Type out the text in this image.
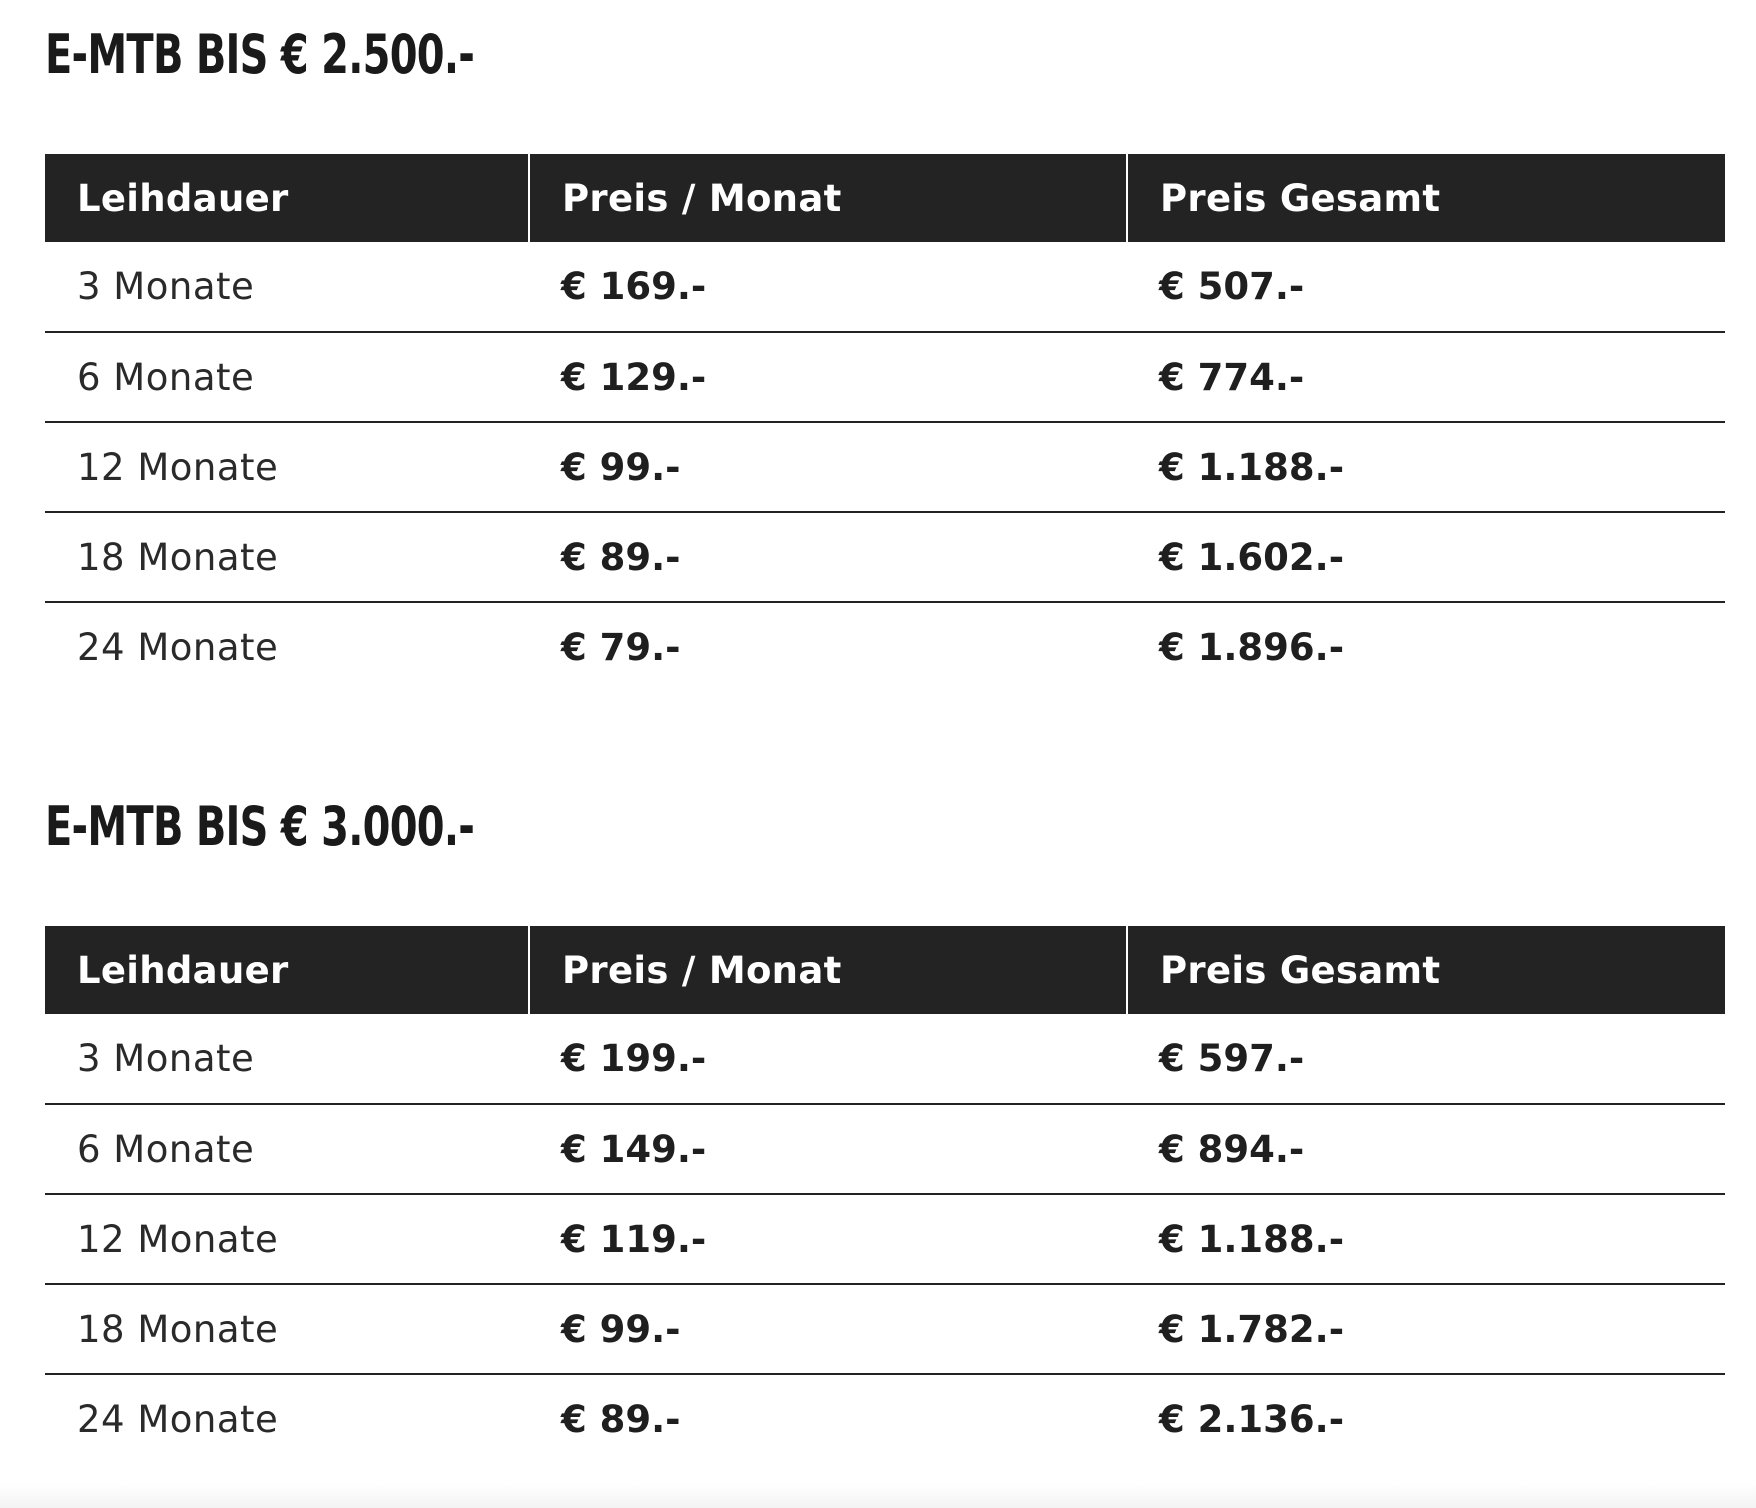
E-MTB BIS € 2.500.-
Leihdauer	Preis / Monat	Preis Gesamt
3 Monate	€ 169.-	€ 507.-
6 Monate	€ 129.-	€ 774.-
12 Monate	€ 99.-	€ 1.188.-
18 Monate	€ 89.-	€ 1.602.-
24 Monate	€ 79.-	€ 1.896.-
E-MTB BIS € 3.000.-
Leihdauer	Preis / Monat	Preis Gesamt
3 Monate	€ 199.-	€ 597.-
6 Monate	€ 149.-	€ 894.-
12 Monate	€ 119.-	€ 1.188.-
18 Monate	€ 99.-	€ 1.782.-
24 Monate	€ 89.-	€ 2.136.-
